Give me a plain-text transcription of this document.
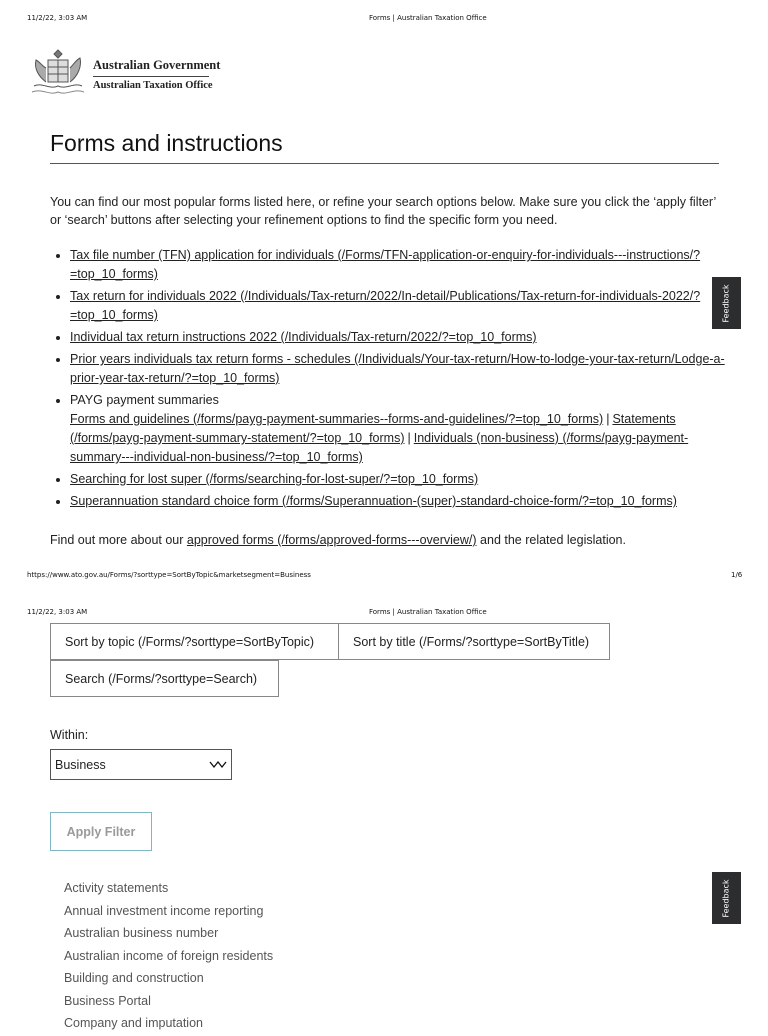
11/2/22, 3:03 AM	Forms | Australian Taxation Office
Australian Government
Australian Taxation Office
Forms and instructions

You can find our most popular forms listed here, or refine your search options below. Make sure you click the ‘apply filter’ or ‘search’ buttons after selecting your refinement options to find the specific form you need.

• Tax file number (TFN) application for individuals (/Forms/TFN-application-or-enquiry-for-individuals---instructions/?=top_10_forms)
• Tax return for individuals 2022 (/Individuals/Tax-return/2022/In-detail/Publications/Tax-return-for-individuals-2022/?=top_10_forms)
• Individual tax return instructions 2022 (/Individuals/Tax-return/2022/?=top_10_forms)
• Prior years individuals tax return forms - schedules (/Individuals/Your-tax-return/How-to-lodge-your-tax-return/Lodge-a-prior-year-tax-return/?=top_10_forms)
• PAYG payment summaries
Forms and guidelines (/forms/payg-payment-summaries--forms-and-guidelines/?=top_10_forms) | Statements (/forms/payg-payment-summary-statement/?=top_10_forms) | Individuals (non-business) (/forms/payg-payment-summary---individual-non-business/?=top_10_forms)
• Searching for lost super (/forms/searching-for-lost-super/?=top_10_forms)
• Superannuation standard choice form (/forms/Superannuation-(super)-standard-choice-form/?=top_10_forms)

Find out more about our approved forms (/forms/approved-forms---overview/) and the related legislation.

Feedback
Feedback
https://www.ato.gov.au/Forms/?sorttype=SortByTopic&marketsegment=Business	1/6
11/2/22, 3:03 AM	Forms | Australian Taxation Office
Sort by topic (/Forms/?sorttype=SortByTopic)	Sort by title (/Forms/?sorttype=SortByTitle)
Search (/Forms/?sorttype=Search)
Within:
Business
Apply Filter
Activity statements
Annual investment income reporting
Australian business number
Australian income of foreign residents
Building and construction
Business Portal
Company and imputation
